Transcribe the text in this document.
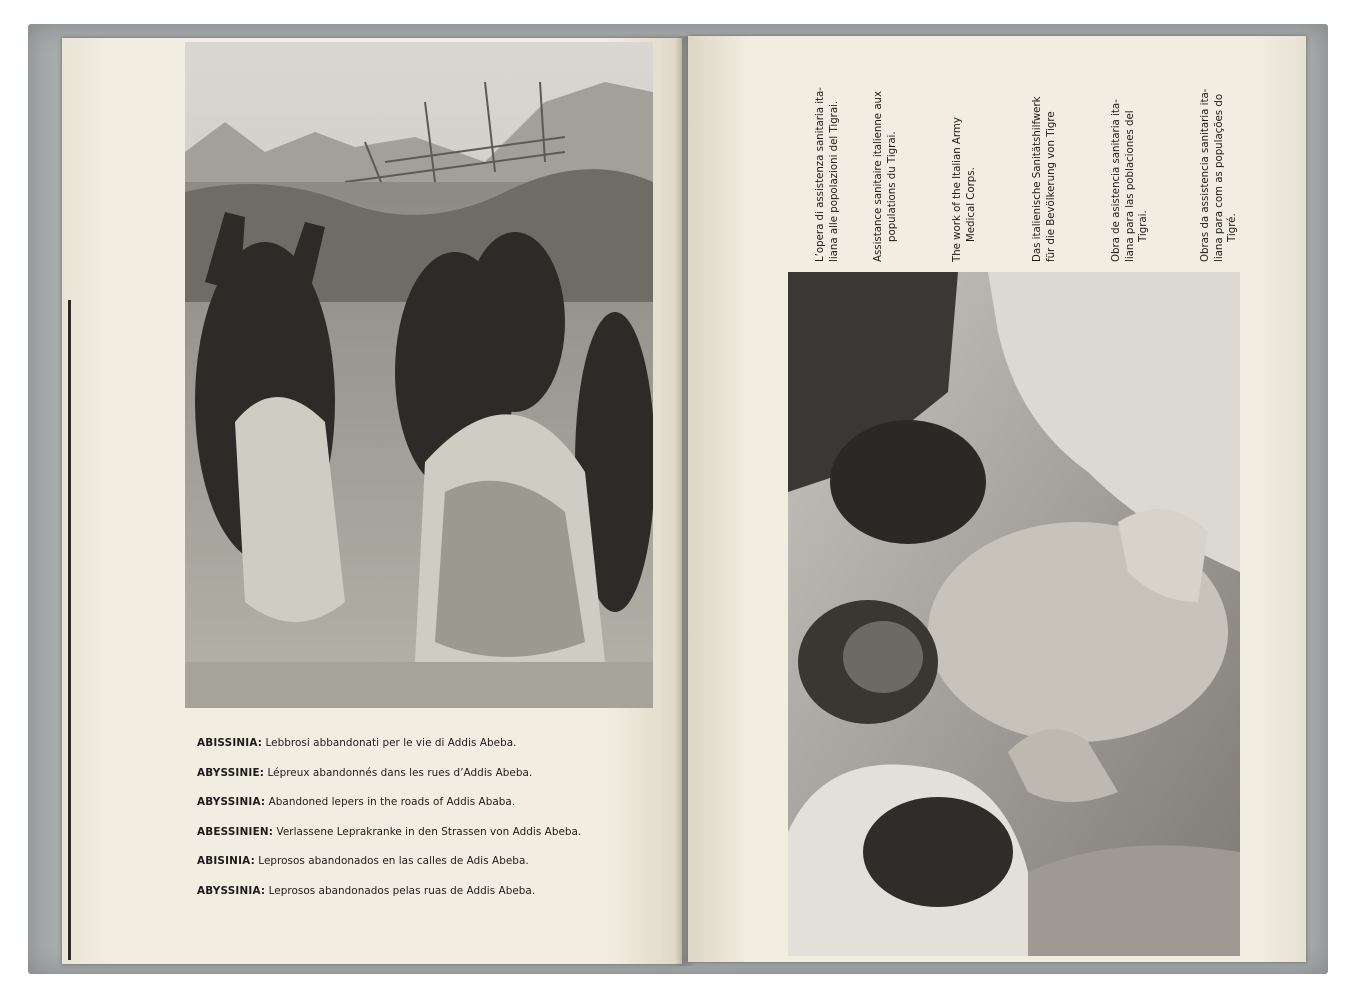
ABISSINIA: Lebbrosi abbandonati per le vie di Addis Abeba.
ABYSSINIE: Lépreux abandonnés dans les rues d’Addis Abeba.
ABYSSINIA: Abandoned lepers in the roads of Addis Ababa.
ABESSINIEN: Verlassene Leprakranke in den Strassen von Addis Abeba.
ABISINIA: Leprosos abandonados en las calles de Adis Abeba.
ABYSSINIA: Leprosos abandonados pelas ruas de Addis Abeba.
L’opera di assistenza sanitaria ita- liana alle popolazioni del Tigrai.	Assistance sanitaire italienne aux populations du Tigrai.	The work of the Italian Army Medical Corps.	Das italienische Sanitätshilfwerk für die Bevölkerung von Tigre	Obra de asistencia sanitaria ita- liana para las poblaciones del Tigrai.	Obras da assistencia sanitaria ita- liana para com as populações do Tigré.
